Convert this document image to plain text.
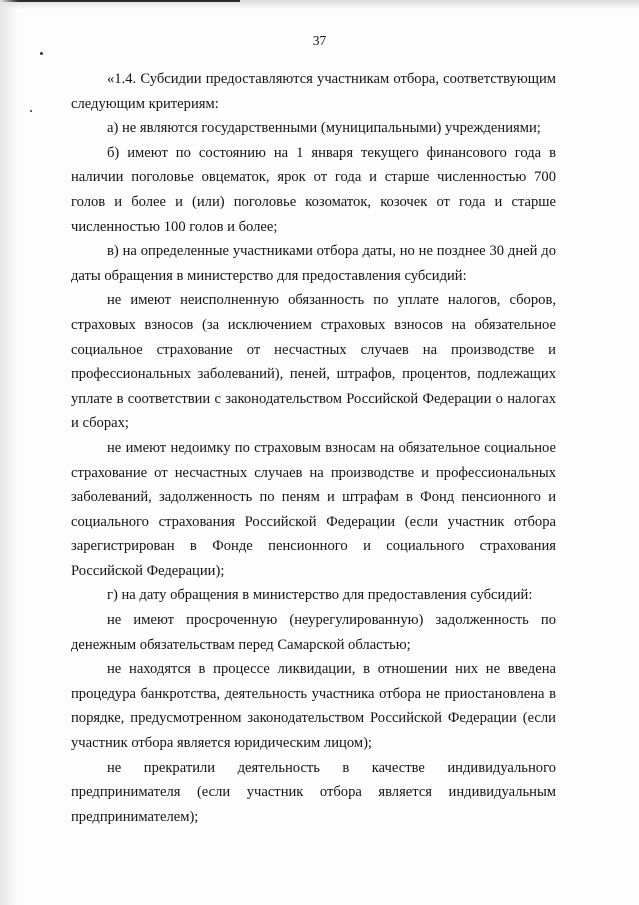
37

«1.4. Субсидии предоставляются участникам отбора, соответствующим следующим критериям:

а) не являются государственными (муниципальными) учреждениями;

б) имеют по состоянию на 1 января текущего финансового года в наличии поголовье овцематок, ярок от года и старше численностью 700 голов и более и (или) поголовье козоматок, козочек от года и старше численностью 100 голов и более;

в) на определенные участниками отбора даты, но не позднее 30 дней до даты обращения в министерство для предоставления субсидий:

не имеют неисполненную обязанность по уплате налогов, сборов, страховых взносов (за исключением страховых взносов на обязательное социальное страхование от несчастных случаев на производстве и профессиональных заболеваний), пеней, штрафов, процентов, подлежащих уплате в соответствии с законодательством Российской Федерации о налогах и сборах;

не имеют недоимку по страховым взносам на обязательное социальное страхование от несчастных случаев на производстве и профессиональных заболеваний, задолженность по пеням и штрафам в Фонд пенсионного и социального страхования Российской Федерации (если участник отбора зарегистрирован в Фонде пенсионного и социального страхования Российской Федерации);

г) на дату обращения в министерство для предоставления субсидий:

не имеют просроченную (неурегулированную) задолженность по денежным обязательствам перед Самарской областью;

не находятся в процессе ликвидации, в отношении них не введена процедура банкротства, деятельность участника отбора не приостановлена в порядке, предусмотренном законодательством Российской Федерации (если участник отбора является юридическим лицом);

не прекратили деятельность в качестве индивидуального предпринимателя (если участник отбора является индивидуальным предпринимателем);
